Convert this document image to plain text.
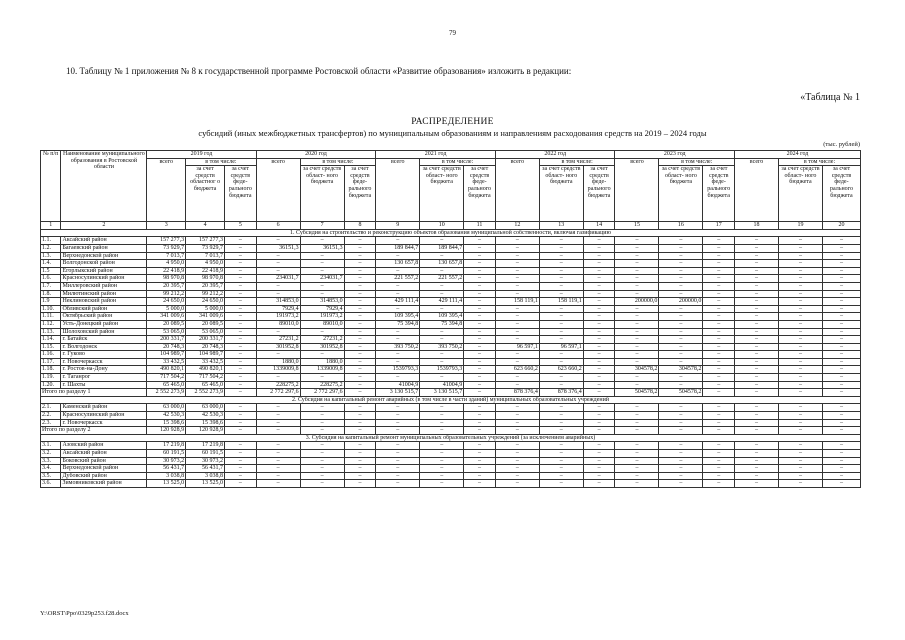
79
10. Таблицу № 1 приложения № 8 к государственной программе Ростовской области «Развитие образования» изложить в редакции:
«Таблица № 1
РАСПРЕДЕЛЕНИЕ
субсидий (иных межбюджетных трансфертов) по муниципальным образованиям и направлениям расходования средств на 2019 – 2024 годы
(тыс. рублей)
№ п/п	Наименование муниципального образования в Ростовской области	2019 год			2020 год			2021 год			2022 год			2023 год			2024 год		
		всего	в том числе:		всего	в том числе:		всего	в том числе:		всего	в том числе:		всего	в том числе:		всего	в том числе:	
			за счет средств областног о бюджета	за счет средств феде- рального бюджета		за счет средств облаcт- ного бюджета	за счет средств феде- рального бюджета		за счет средств облаcт- ного бюджета	за счет средств феде- рального бюджета		за счет средств облаcт- ного бюджета	за счет средств феде- рального бюджета		за счет средств облаcт- ного бюджета	за счет средств феде- рального бюджета		за счет средств облаcт- ного бюджета	за счет средств феде- рального бюджета
1	2	3	4	5	6	7	8	9	10	11	12	13	14	15	16	17	18	19	20
1. Субсидия на строительство и реконструкцию объектов образования муниципальной собственности, включая газификацию																			
1.1.	Аксайский район	157 277,3	157 277,3	–	–	–	–	–	–	–	–	–	–	–	–	–	–	–	–
1.2.	Багаевский район	73 929,7	73 929,7	–	36151,3	36151,3	–	189 844,7	189 844,7	–	–	–	–	–	–	–	–	–	–
1.3.	Верхнедонской район	7 013,7	7 013,7	–	–	–	–	–	–	–	–	–	–	–	–	–	–	–	–
1.4.	Волгодонской район	4 950,0	4 950,0	–	–	–	–	130 657,8	130 657,8	–	–	–	–	–	–	–	–	–	–
1.5	Егорлыкский район	22 418,9	22 418,9	–	–	–	–	–	–	–	–	–	–	–	–	–	–	–	–
1.6.	Красносулинский район	98 970,8	98 970,8	–	234031,7	234031,7	–	221 557,2	221 557,2	–	–	–	–	–	–	–	–	–	–
1.7.	Миллеровский район	20 395,7	20 395,7	–	–	–	–	–	–	–	–	–	–	–	–	–	–	–	–
1.8.	Милютинский район	99 212,2	99 212,2	–	–	–	–	–	–	–	–	–	–	–	–	–	–	–	–
1.9	Неклиновский район	24 650,0	24 650,0	–	314853,0	314853,0	–	429 111,4	429 111,4	–	158 119,1	158 119,1	–	200000,0	200000,0	–	–	–	–
1.10.	Обливский район	5 000,0	5 000,0	–	7929,4	7929,4	–	–	–	–	–	–	–	–	–	–	–	–	–
1.11.	Октябрьский район	341 009,6	341 009,6	–	191973,2	191973,2	–	109 395,4	109 395,4	–	–	–	–	–	–	–	–	–	–
1.12.	Усть-Донецкий район	20 089,5	20 089,5	–	89010,0	89010,0	–	75 394,8	75 394,8	–	–	–	–	–	–	–	–	–	–
1.13.	Шолоховский район	53 065,0	53 065,0	–	–	–	–	–	–	–	–	–	–	–	–	–	–	–	–
1.14.	г. Батайск	200 331,7	200 331,7	–	27231,2	27231,2	–	–	–	–	–	–	–	–	–	–	–	–	–
1.15.	г. Волгодонск	20 748,3	20 748,3	–	301952,8	301952,8	–	393 750,2	393 750,2	–	96 597,1	96 597,1	–	–	–	–	–	–	–
1.16.	г. Гуково	104 989,7	104 989,7	–	–	–	–	–	–	–	–	–	–	–	–	–	–	–	–
1.17.	г. Новочеркасск	33 432,5	33 432,5	–	1880,0	1880,0	–	–	–	–	–	–	–	–	–	–	–	–	–
1.18.	г. Ростов-на-Дону	490 820,1	490 820,1	–	1339009,8	1339009,8	–	1539793,3	1539793,3	–	623 660,2	623 660,2	–	304578,2	304578,2	–	–	–	–
1.19.	г. Таганрог	717 504,2	717 504,2	–	–	–	–	–	–	–	–	–	–	–	–	–	–	–	–
1.20.	г. Шахты	65 465,0	65 465,0	–	228275,2	228275,2	–	41004,9	41004,9	–	–	–	–	–	–	–	–	–	–
Итого по разделу 1		2 552 273,9	2 552 273,9	–	2 772 297,6	2 772 297,6	–	3 130 515,7	3 130 515,7	–	878 376,4	878 376,4	–	504578,2	504578,2	–	–	–	–
2. Субсидия на капитальный ремонт аварийных (в том числе в части зданий) муниципальных образовательных учреждений																			
2.1.	Каменский район	63 000,0	63 000,0	–	–	–	–	–	–	–	–	–	–	–	–	–	–	–	–
2.2.	Красносулинский район	42 530,3	42 530,3	–	–	–	–	–	–	–	–	–	–	–	–	–	–	–	–
2.3.	г. Новочеркасск	15 398,6	15 398,6	–	–	–	–	–	–	–	–	–	–	–	–	–	–	–	–
Итого по разделу 2		120 928,9	120 928,9	–	–	–	–	–	–	–	–	–	–	–	–	–	–	–	–
3. Субсидия на капитальный ремонт муниципальных образовательных учреждений (за исключением аварийных)																			
3.1.	Азовский район	17 219,8	17 219,8	–	–	–	–	–	–	–	–	–	–	–	–	–	–	–	–
3.2.	Аксайский район	60 191,5	60 191,5	–	–	–	–	–	–	–	–	–	–	–	–	–	–	–	–
3.3.	Боковский район	30 973,2	30 973,2	–	–	–	–	–	–	–	–	–	–	–	–	–	–	–	–
3.4.	Верхнедонской район	56 431,7	56 431,7	–	–	–	–	–	–	–	–	–	–	–	–	–	–	–	–
3.5.	Дубовский район	3 038,8	3 038,8	–	–	–	–	–	–	–	–	–	–	–	–	–	–	–	–
3.6.	Зимовниковский район	13 525,0	13 525,0	–	–	–	–	–	–	–	–	–	–	–	–	–	–	–	–
Y:\ORST\Ppo\0329p253.f28.docx
